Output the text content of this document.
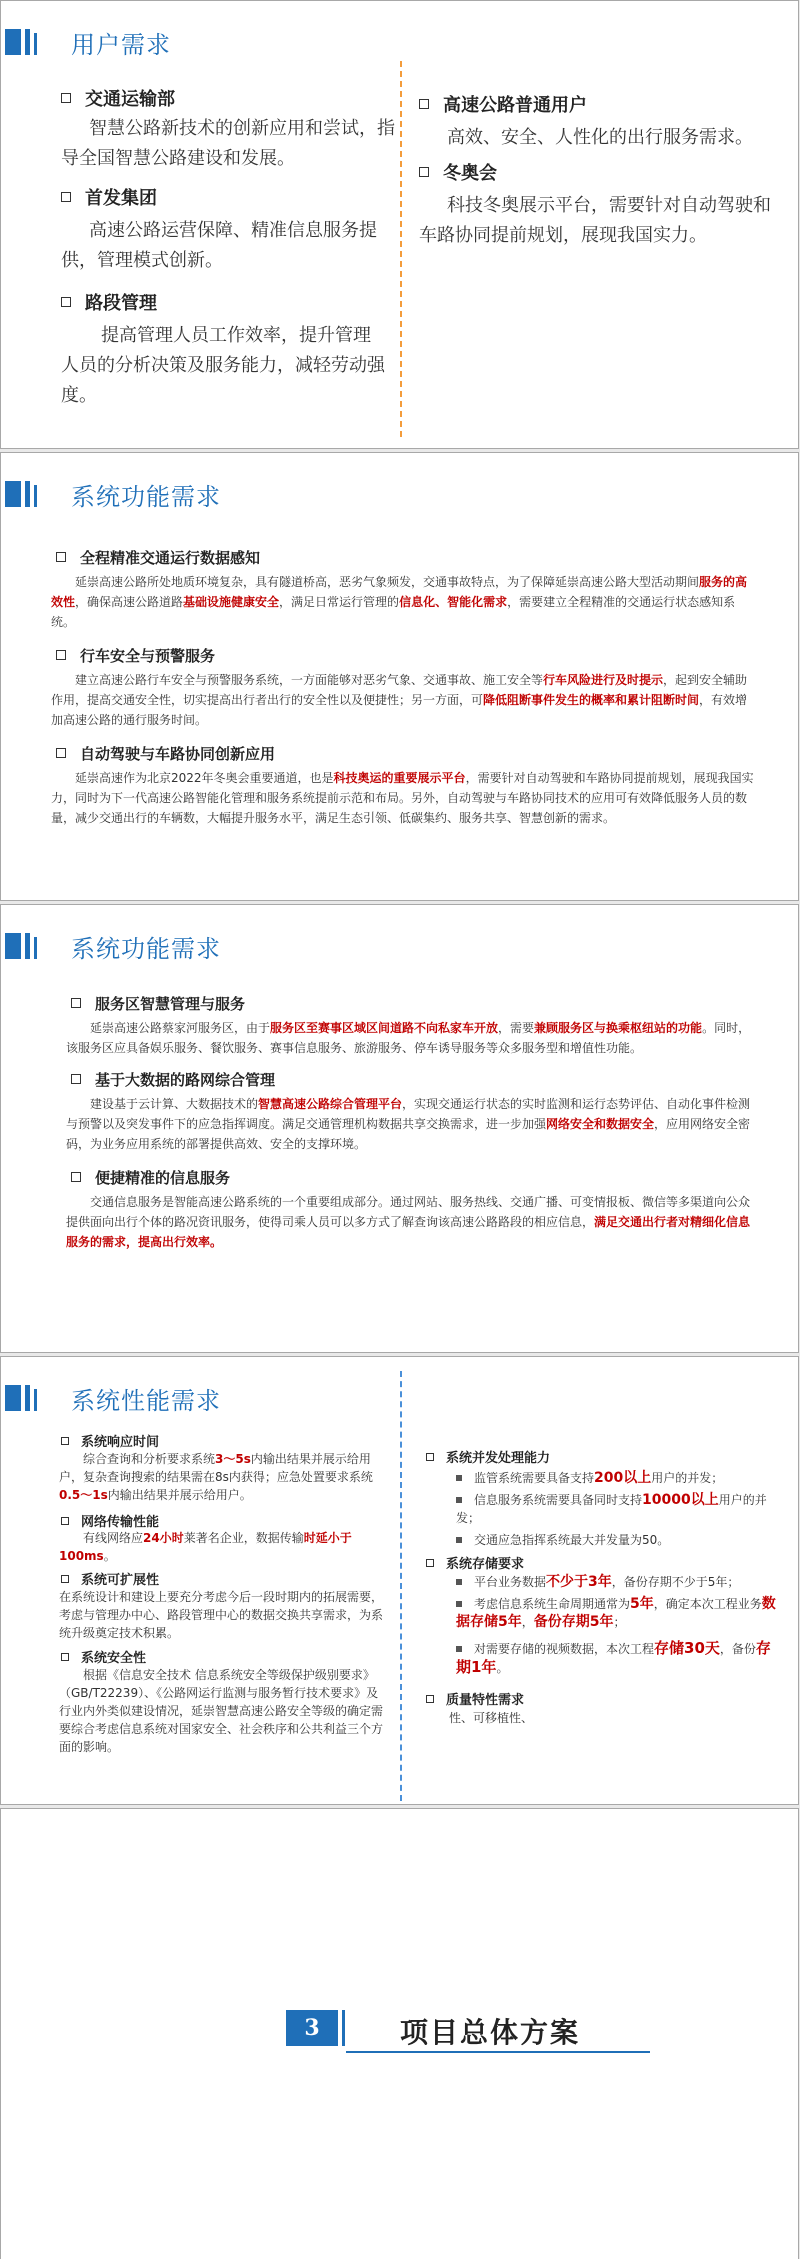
用户需求
交通运输部
智慧公路新技术的创新应用和尝试，指导全国智慧公路建设和发展。
首发集团
高速公路运营保障、精准信息服务提供，管理模式创新。
路段管理
提高管理人员工作效率，提升管理人员的分析决策及服务能力，减轻劳动强度。
高速公路普通用户
高效、安全、人性化的出行服务需求。
冬奥会
科技冬奥展示平台，需要针对自动驾驶和车路协同提前规划，展现我国实力。
系统功能需求
全程精准交通运行数据感知
延崇高速公路所处地质环境复杂，具有隧道桥高，恶劣气象频发，交通事故特点，为了保障延崇高速公路大型活动期间服务的高效性，确保高速公路道路基础设施健康安全，满足日常运行管理的信息化、智能化需求，需要建立全程精准的交通运行状态感知系统。
行车安全与预警服务
建立高速公路行车安全与预警服务系统，一方面能够对恶劣气象、交通事故、施工安全等行车风险进行及时提示，起到安全辅助作用，提高交通安全性，切实提高出行者出行的安全性以及便捷性；另一方面，可降低阻断事件发生的概率和累计阻断时间，有效增加高速公路的通行服务时间。
自动驾驶与车路协同创新应用
延崇高速作为北京2022年冬奥会重要通道，也是科技奥运的重要展示平台，需要针对自动驾驶和车路协同提前规划，展现我国实力，同时为下一代高速公路智能化管理和服务系统提前示范和布局。另外，自动驾驶与车路协同技术的应用可有效降低服务人员的数量，减少交通出行的车辆数，大幅提升服务水平，满足生态引领、低碳集约、服务共享、智慧创新的需求。
系统功能需求
服务区智慧管理与服务
延崇高速公路蔡家河服务区，由于服务区至赛事区域区间道路不向私家车开放，需要兼顾服务区与换乘枢纽站的功能。同时，该服务区应具备娱乐服务、餐饮服务、赛事信息服务、旅游服务、停车诱导服务等众多服务型和增值性功能。
基于大数据的路网综合管理
建设基于云计算、大数据技术的智慧高速公路综合管理平台，实现交通运行状态的实时监测和运行态势评估、自动化事件检测与预警以及突发事件下的应急指挥调度。满足交通管理机构数据共享交换需求，进一步加强网络安全和数据安全，应用网络安全密码，为业务应用系统的部署提供高效、安全的支撑环境。
便捷精准的信息服务
交通信息服务是智能高速公路系统的一个重要组成部分。通过网站、服务热线、交通广播、可变情报板、微信等多渠道向公众提供面向出行个体的路况资讯服务，使得司乘人员可以多方式了解查询该高速公路路段的相应信息，满足交通出行者对精细化信息服务的需求，提高出行效率。
系统性能需求
系统响应时间
综合查询和分析要求系统3～5s内输出结果并展示给用户，复杂查询搜索的结果需在8s内获得；应急处置要求系统0.5～1s内输出结果并展示给用户。
网络传输性能
有线网络应24小时莱著名企业，数据传输时延小于100ms。
系统可扩展性
在系统设计和建设上要充分考虑今后一段时期内的拓展需要，考虑与管理办中心、路段管理中心的数据交换共享需求，为系统升级奠定技术积累。
系统安全性
根据《信息安全技术 信息系统安全等级保护级别要求》（GB/T22239）、《公路网运行监测与服务暂行技术要求》及行业内外类似建设情况，延崇智慧高速公路安全等级的确定需要综合考虑信息系统对国家安全、社会秩序和公共利益三个方面的影响。
系统并发处理能力
监管系统需要具备支持200以上用户的并发；
信息服务系统需要具备同时支持10000以上用户的并发；
交通应急指挥系统最大并发量为50。
系统存储要求
平台业务数据不少于3年，备份存期不少于5年；
考虑信息系统生命周期通常为5年，确定本次工程业务数据存储5年，备份存期5年；
对需要存储的视频数据，本次工程存储30天，备份存期1年。
质量特性需求
性、可移植性、
3	项目总体方案
